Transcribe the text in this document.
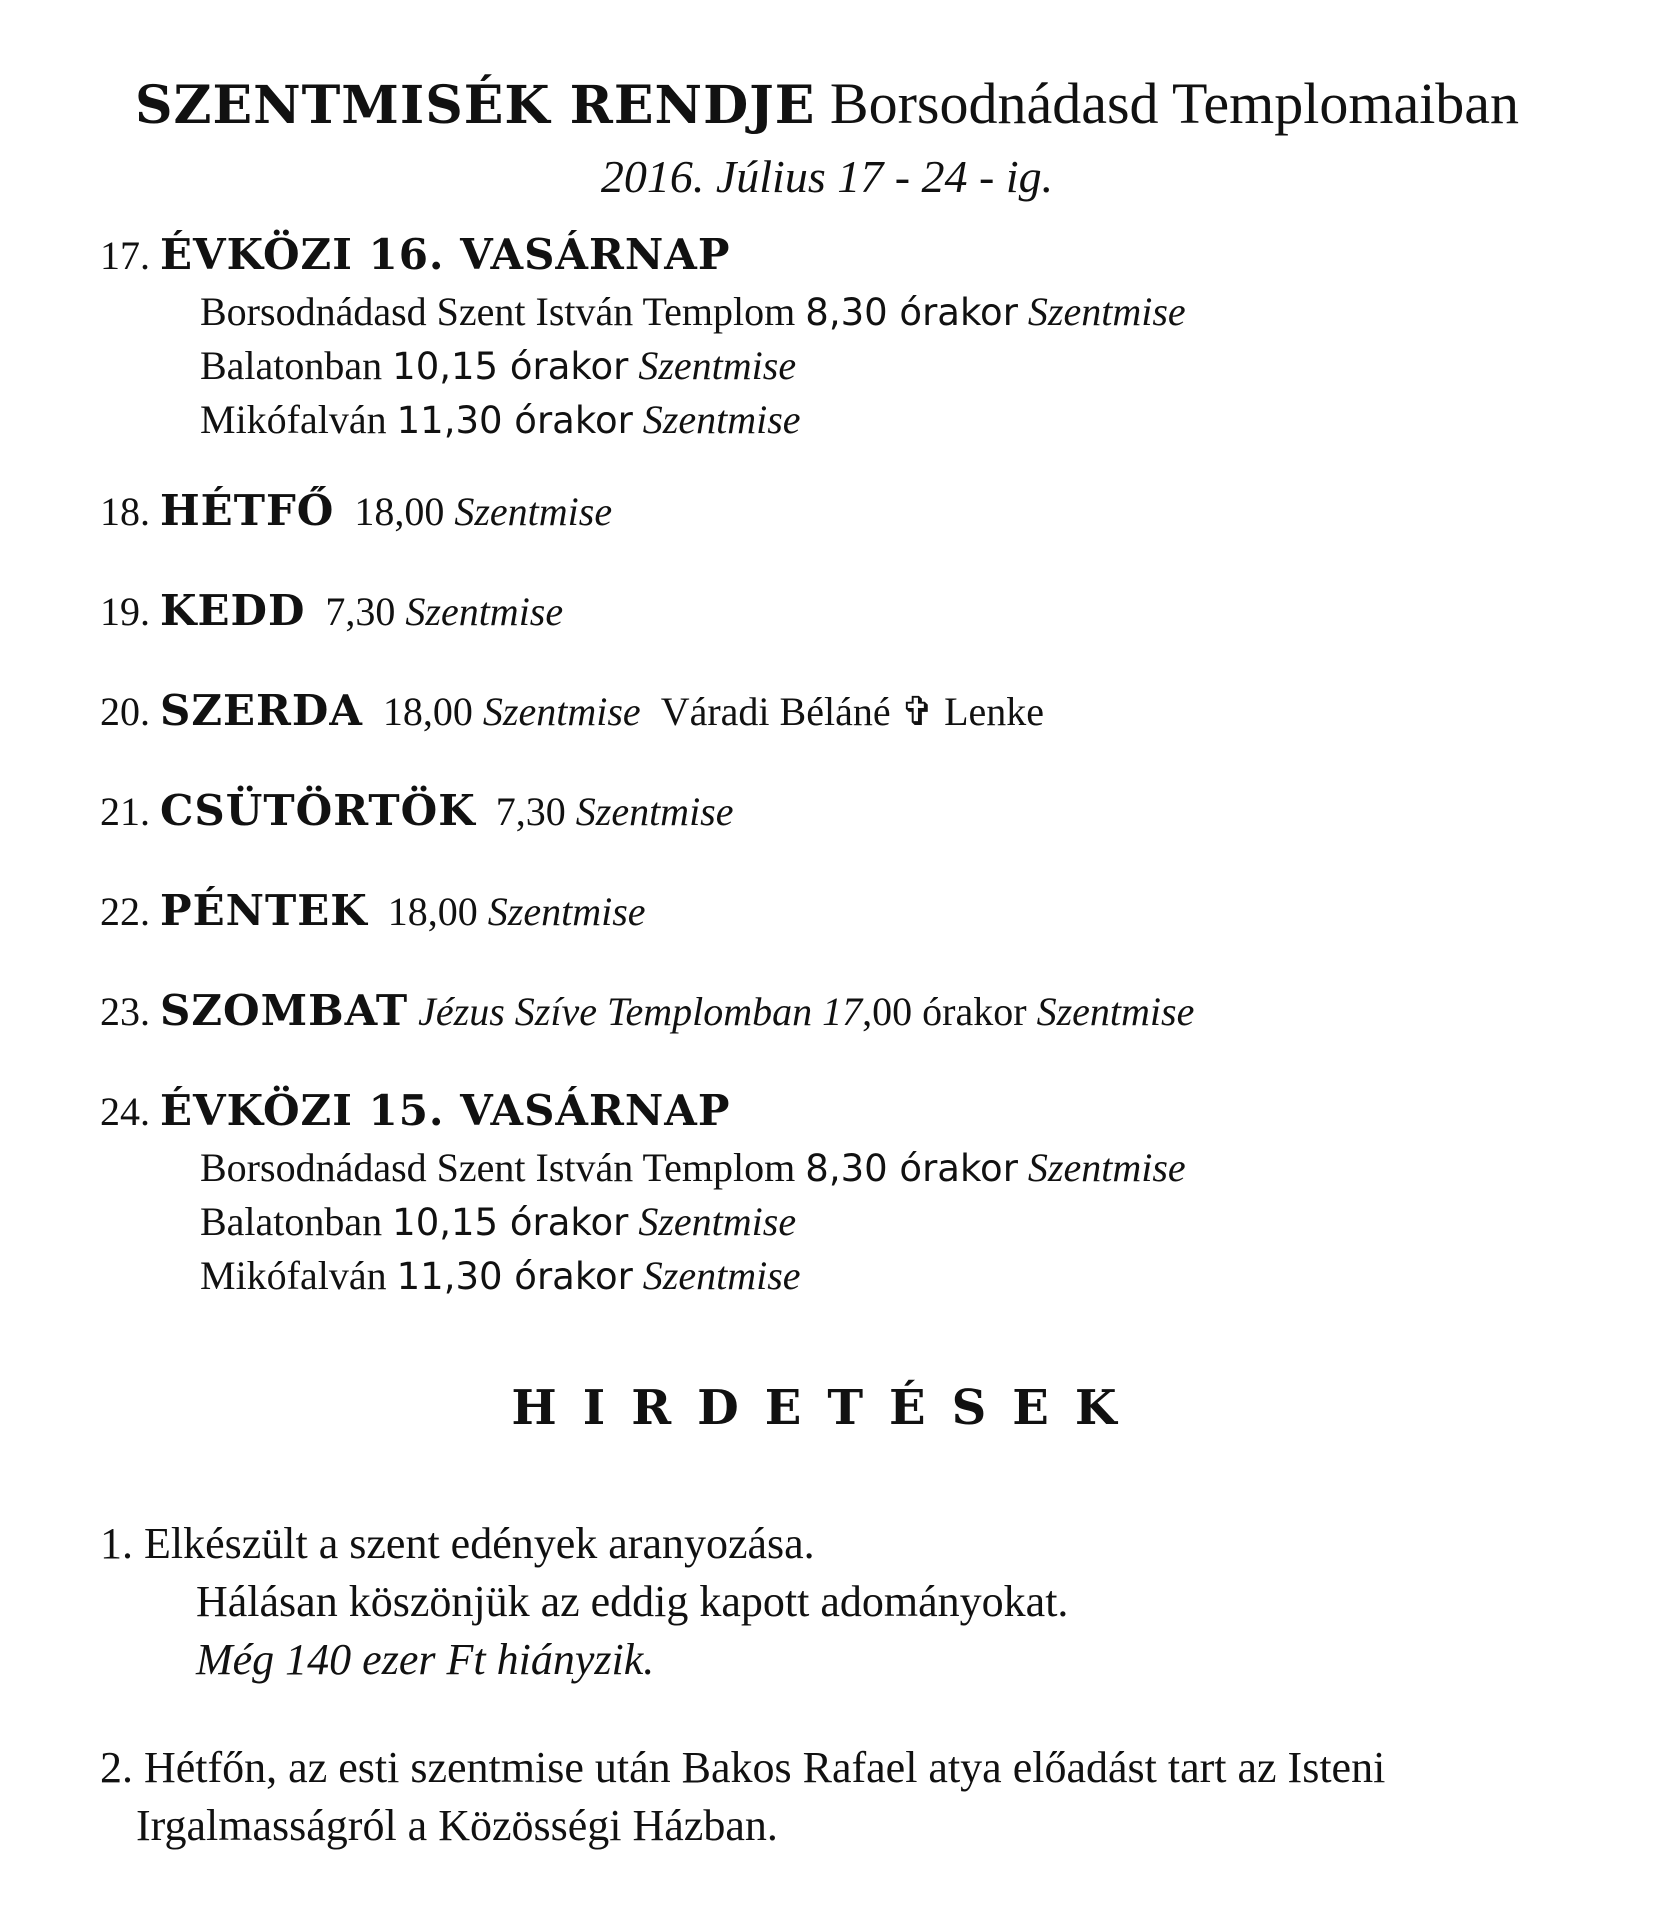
SZENTMISÉK RENDJE Borsodnádasd Templomaiban
2016. Július 17 - 24 - ig.
17. ÉVKÖZI 16. VASÁRNAP
Borsodnádasd Szent István Templom 8,30 órakor Szentmise
Balatonban 10,15 órakor Szentmise
Mikófalván 11,30 órakor Szentmise
18. HÉTFŐ 18,00 Szentmise
19. KEDD 7,30 Szentmise
20. SZERDA 18,00 Szentmise Váradi Béláné ✞ Lenke
21. CSÜTÖRTÖK 7,30 Szentmise
22. PÉNTEK 18,00 Szentmise
23. SZOMBAT Jézus Szíve Templomban 17,00 órakor Szentmise
24. ÉVKÖZI 15. VASÁRNAP
Borsodnádasd Szent István Templom 8,30 órakor Szentmise
Balatonban 10,15 órakor Szentmise
Mikófalván 11,30 órakor Szentmise
HIRDETÉSEK
1. Elkészült a szent edények aranyozása.
Hálásan köszönjük az eddig kapott adományokat.
Még 140 ezer Ft hiányzik.
2. Hétfőn, az esti szentmise után Bakos Rafael atya előadást tart az Isteni
Irgalmasságról a Közösségi Házban.
